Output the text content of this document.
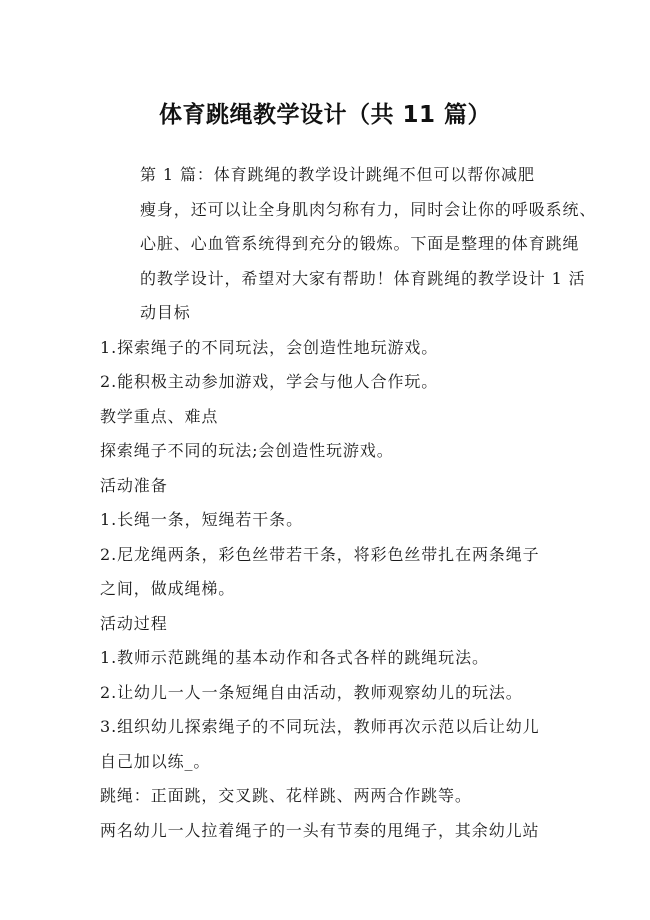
体育跳绳教学设计（共 11 篇）

第 1 篇：体育跳绳的教学设计跳绳不但可以帮你减肥
瘦身，还可以让全身肌肉匀称有力，同时会让你的呼吸系统、
心脏、心血管系统得到充分的锻炼。下面是整理的体育跳绳
的教学设计，希望对大家有帮助！体育跳绳的教学设计 1 活
动目标

1.探索绳子的不同玩法，会创造性地玩游戏。

2.能积极主动参加游戏，学会与他人合作玩。

教学重点、难点

探索绳子不同的玩法;会创造性玩游戏。

活动准备

1.长绳一条，短绳若干条。

2.尼龙绳两条，彩色丝带若干条，将彩色丝带扎在两条绳子
之间，做成绳梯。

活动过程

1.教师示范跳绳的基本动作和各式各样的跳绳玩法。

2.让幼儿一人一条短绳自由活动，教师观察幼儿的玩法。

3.组织幼儿探索绳子的不同玩法，教师再次示范以后让幼儿
自己加以练_。

跳绳：正面跳，交叉跳、花样跳、两两合作跳等。

两名幼儿一人拉着绳子的一头有节奏的甩绳子，其余幼儿站
